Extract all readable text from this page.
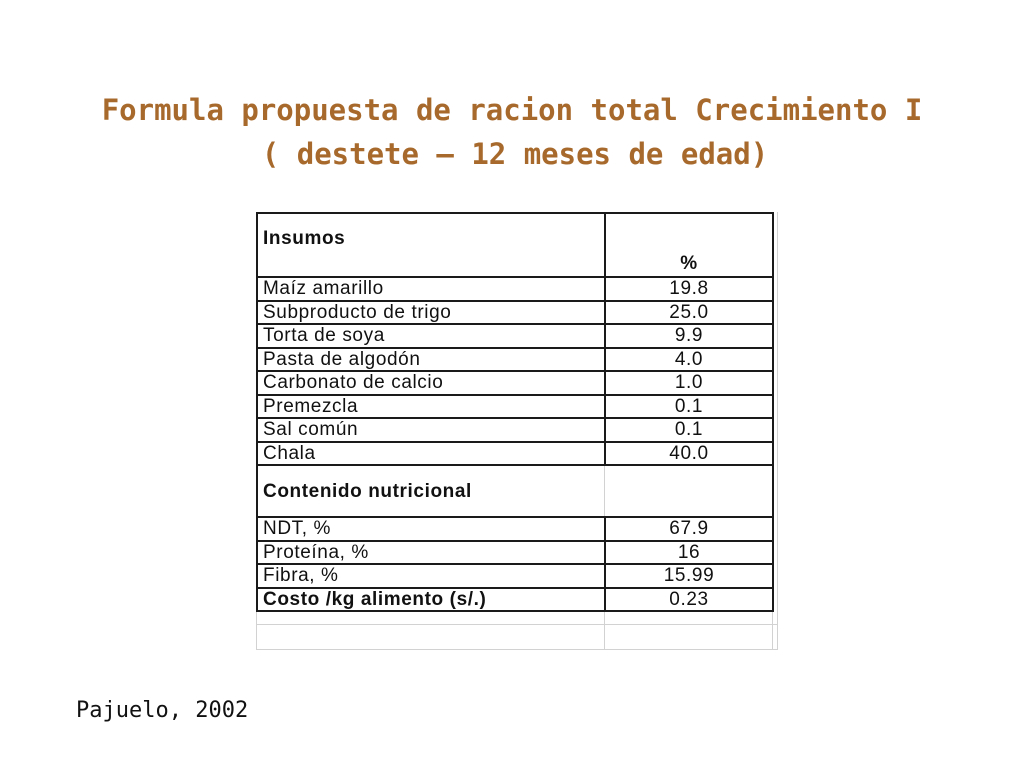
Formula propuesta de racion total Crecimiento I
( destete – 12 meses de edad)
Insumos	%
Maíz amarillo	19.8
Subproducto de trigo	25.0
Torta de soya	9.9
Pasta de algodón	4.0
Carbonato de calcio	1.0
Premezcla	0.1
Sal común	0.1
Chala	40.0
Contenido nutricional	
NDT, %	67.9
Proteína, %	16
Fibra, %	15.99
Costo /kg alimento (s/.)	0.23
Pajuelo, 2002
